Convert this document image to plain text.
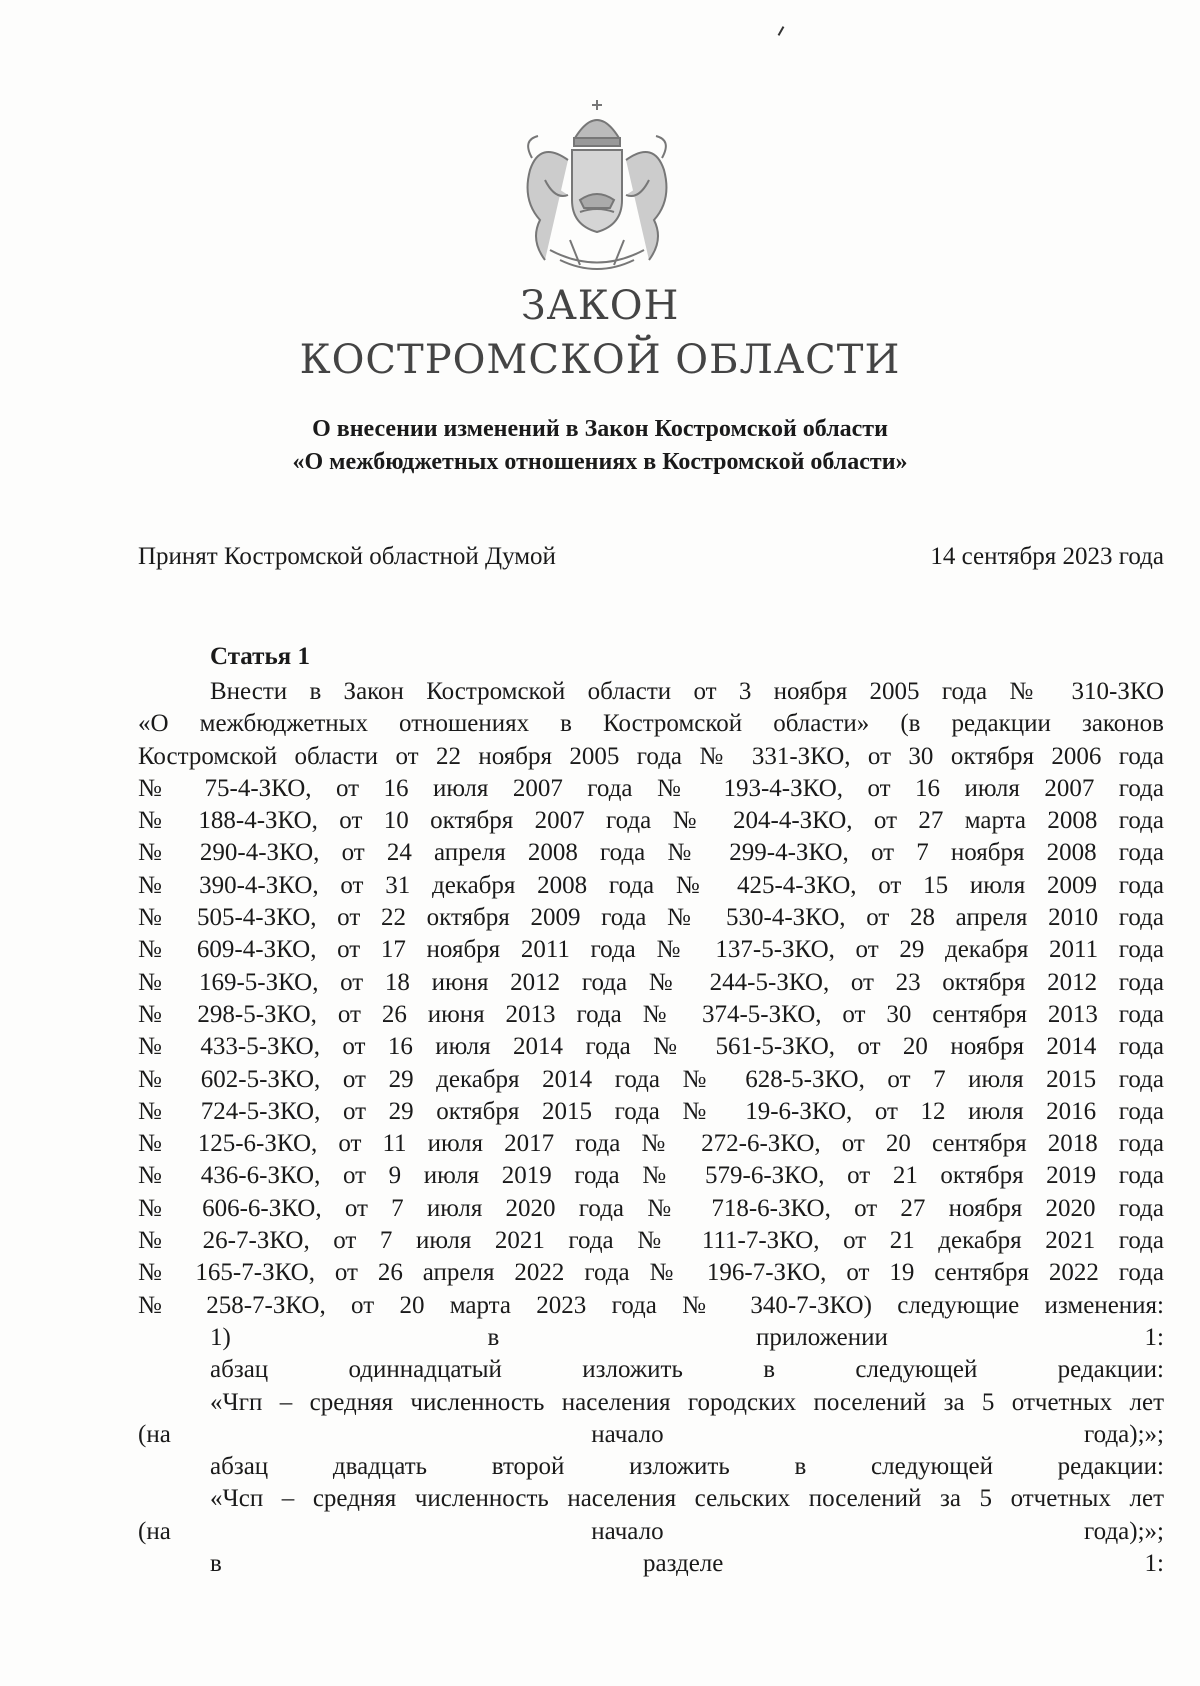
ЗАКОН
КОСТРОМСКОЙ ОБЛАСТИ
О внесении изменений в Закон Костромской области
«О межбюджетных отношениях в Костромской области»
Принят Костромской областной Думой	14 сентября 2023 года
Статья 1
Внести в Закон Костромской области от 3 ноября 2005 года № 310-ЗКО
«О межбюджетных отношениях в Костромской области» (в редакции законов
Костромской области от 22 ноября 2005 года № 331-ЗКО, от 30 октября 2006 года
№ 75-4-ЗКО, от 16 июля 2007 года № 193-4-ЗКО, от 16 июля 2007 года
№ 188-4-ЗКО, от 10 октября 2007 года № 204-4-ЗКО, от 27 марта 2008 года
№ 290-4-ЗКО, от 24 апреля 2008 года № 299-4-ЗКО, от 7 ноября 2008 года
№ 390-4-ЗКО, от 31 декабря 2008 года № 425-4-ЗКО, от 15 июля 2009 года
№ 505-4-ЗКО, от 22 октября 2009 года № 530-4-ЗКО, от 28 апреля 2010 года
№ 609-4-ЗКО, от 17 ноября 2011 года № 137-5-ЗКО, от 29 декабря 2011 года
№ 169-5-ЗКО, от 18 июня 2012 года № 244-5-ЗКО, от 23 октября 2012 года
№ 298-5-ЗКО, от 26 июня 2013 года № 374-5-ЗКО, от 30 сентября 2013 года
№ 433-5-ЗКО, от 16 июля 2014 года № 561-5-ЗКО, от 20 ноября 2014 года
№ 602-5-ЗКО, от 29 декабря 2014 года № 628-5-ЗКО, от 7 июля 2015 года
№ 724-5-ЗКО, от 29 октября 2015 года № 19-6-ЗКО, от 12 июля 2016 года
№ 125-6-ЗКО, от 11 июля 2017 года № 272-6-ЗКО, от 20 сентября 2018 года
№ 436-6-ЗКО, от 9 июля 2019 года № 579-6-ЗКО, от 21 октября 2019 года
№ 606-6-ЗКО, от 7 июля 2020 года № 718-6-ЗКО, от 27 ноября 2020 года
№ 26-7-ЗКО, от 7 июля 2021 года № 111-7-ЗКО, от 21 декабря 2021 года
№ 165-7-ЗКО, от 26 апреля 2022 года № 196-7-ЗКО, от 19 сентября 2022 года
№ 258-7-ЗКО, от 20 марта 2023 года № 340-7-ЗКО) следующие изменения:
1) в приложении 1:
абзац одиннадцатый изложить в следующей редакции:
«Чгп – средняя численность населения городских поселений за 5 отчетных лет
(на начало года);»;
абзац двадцать второй изложить в следующей редакции:
«Чсп – средняя численность населения сельских поселений за 5 отчетных лет
(на начало года);»;
в разделе 1:
